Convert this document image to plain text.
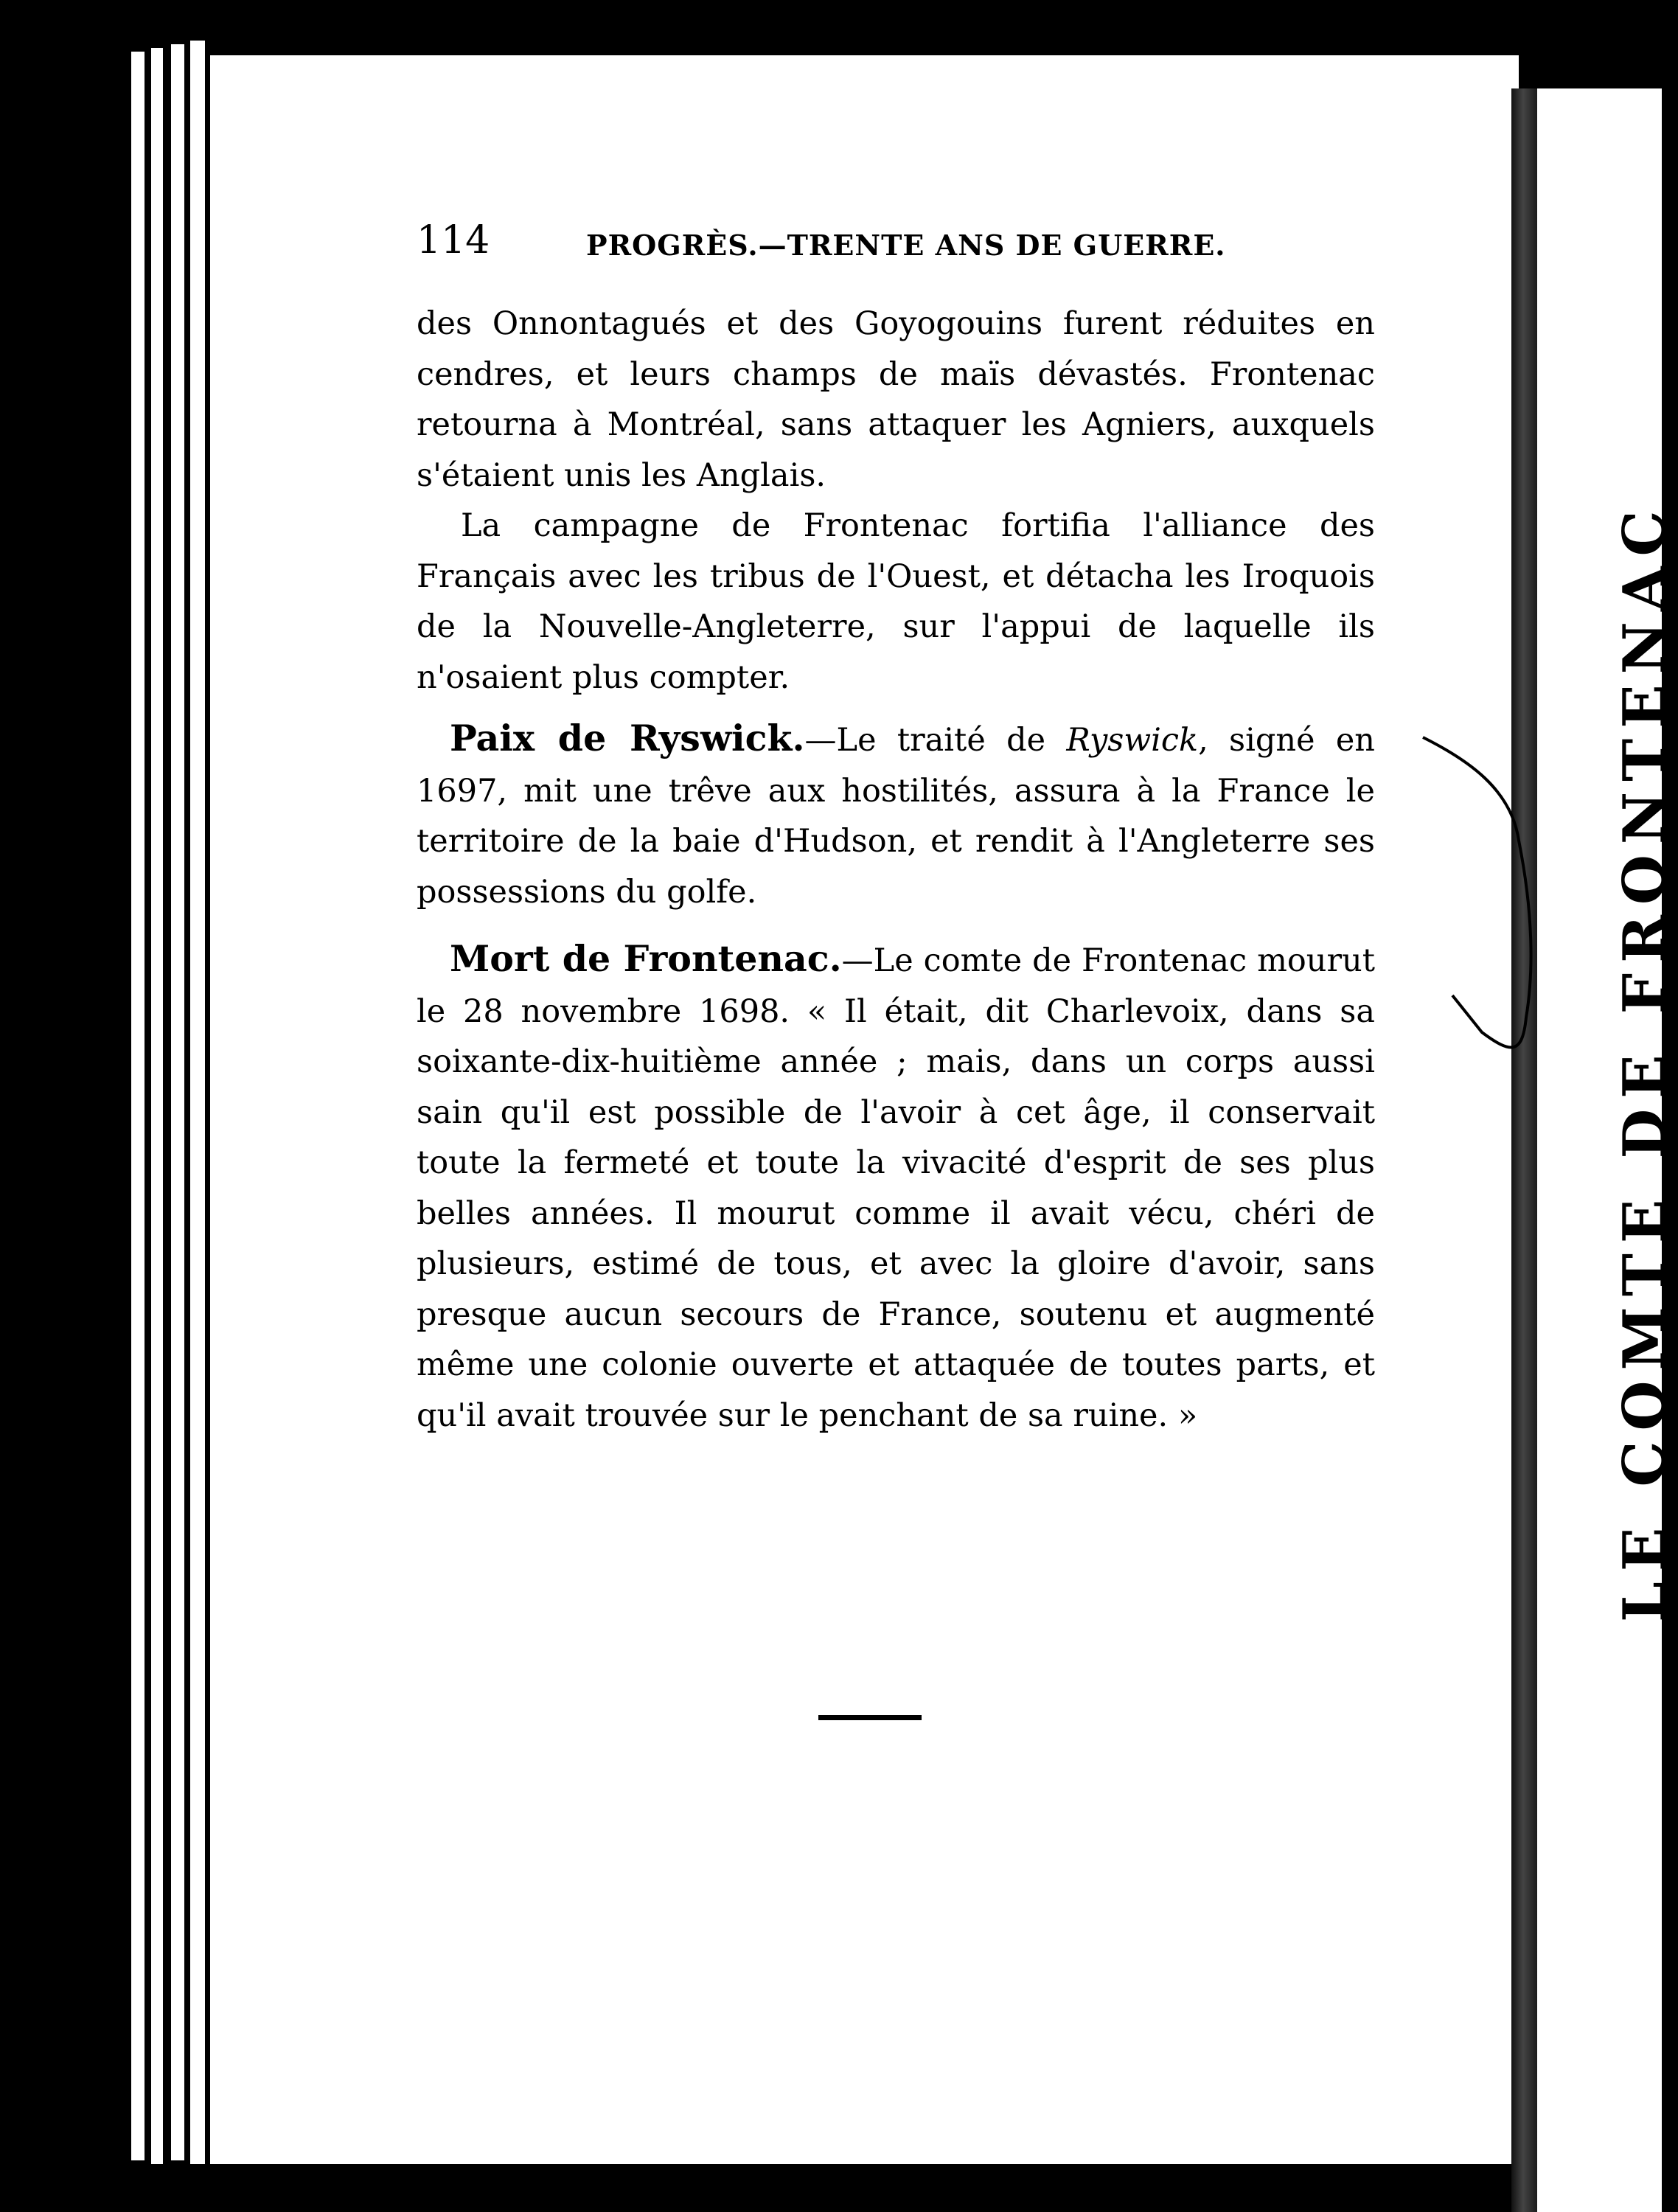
LE COMTE DE FRONTENAC
114	PROGRÈS.—TRENTE ANS DE GUERRE.

des Onnontagués et des Goyogouins furent réduites en cendres, et leurs champs de maïs dévastés. Frontenac retourna à Montréal, sans attaquer les Agniers, auxquels s'étaient unis les Anglais.

La campagne de Frontenac fortifia l'alliance des Français avec les tribus de l'Ouest, et détacha les Iroquois de la Nouvelle-Angleterre, sur l'appui de laquelle ils n'osaient plus compter.

Paix de Ryswick.—Le traité de Ryswick, signé en 1697, mit une trêve aux hostilités, assura à la France le territoire de la baie d'Hudson, et rendit à l'Angleterre ses possessions du golfe.

Mort de Frontenac.—Le comte de Frontenac mourut le 28 novembre 1698. « Il était, dit Charlevoix, dans sa soixante-dix-huitième année ; mais, dans un corps aussi sain qu'il est possible de l'avoir à cet âge, il conservait toute la fermeté et toute la vivacité d'esprit de ses plus belles années. Il mourut comme il avait vécu, chéri de plusieurs, estimé de tous, et avec la gloire d'avoir, sans presque aucun secours de France, soutenu et augmenté même une colonie ouverte et attaquée de toutes parts, et qu'il avait trouvée sur le penchant de sa ruine. »
